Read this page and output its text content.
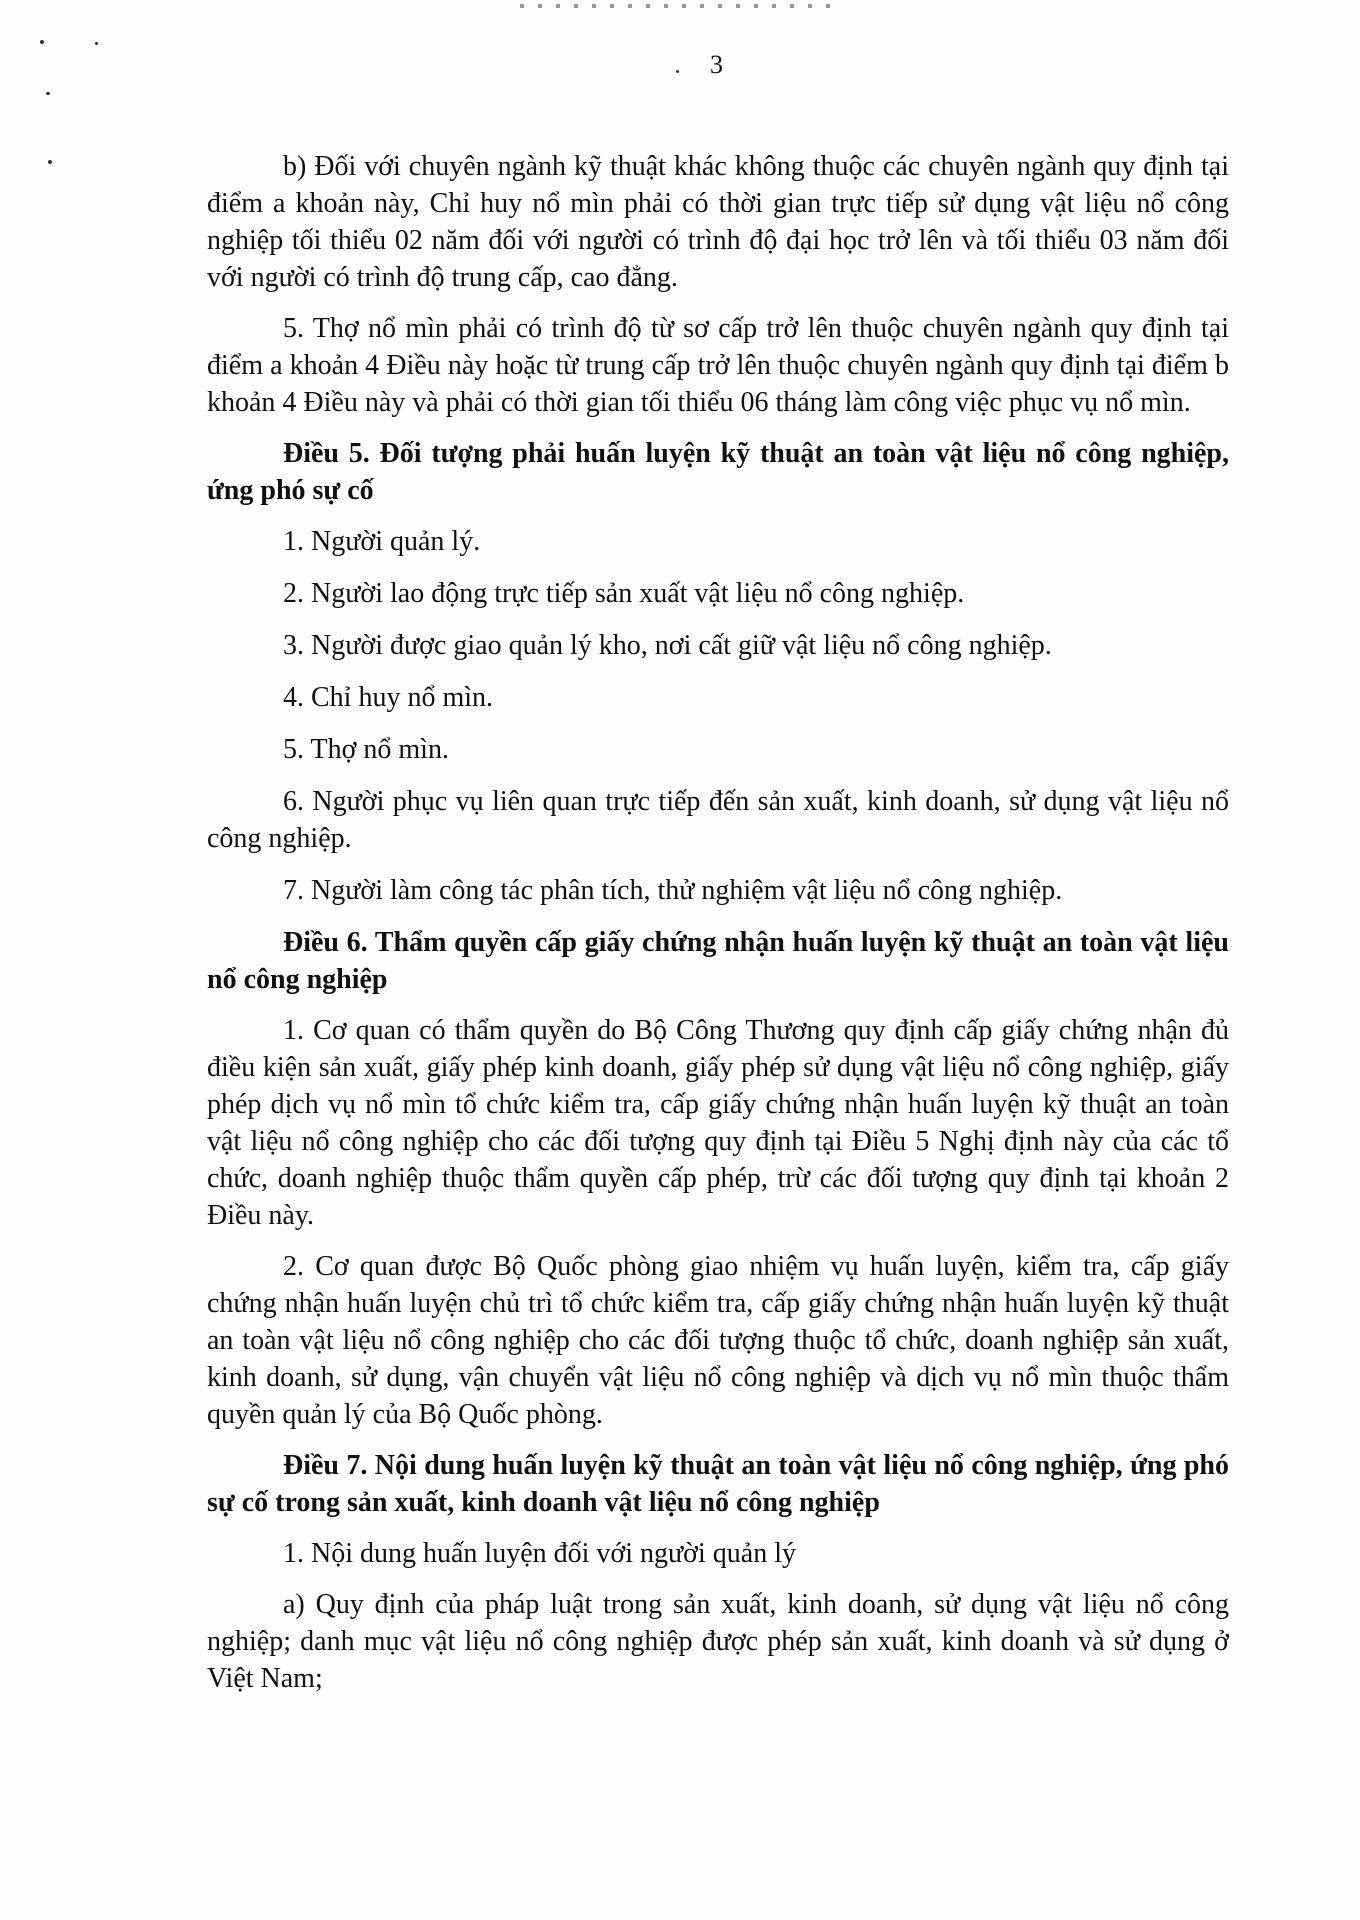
3

b) Đối với chuyên ngành kỹ thuật khác không thuộc các chuyên ngành quy định tại điểm a khoản này, Chỉ huy nổ mìn phải có thời gian trực tiếp sử dụng vật liệu nổ công nghiệp tối thiểu 02 năm đối với người có trình độ đại học trở lên và tối thiểu 03 năm đối với người có trình độ trung cấp, cao đẳng.

5. Thợ nổ mìn phải có trình độ từ sơ cấp trở lên thuộc chuyên ngành quy định tại điểm a khoản 4 Điều này hoặc từ trung cấp trở lên thuộc chuyên ngành quy định tại điểm b khoản 4 Điều này và phải có thời gian tối thiểu 06 tháng làm công việc phục vụ nổ mìn.

Điều 5. Đối tượng phải huấn luyện kỹ thuật an toàn vật liệu nổ công nghiệp, ứng phó sự cố

1. Người quản lý.

2. Người lao động trực tiếp sản xuất vật liệu nổ công nghiệp.

3. Người được giao quản lý kho, nơi cất giữ vật liệu nổ công nghiệp.

4. Chỉ huy nổ mìn.

5. Thợ nổ mìn.

6. Người phục vụ liên quan trực tiếp đến sản xuất, kinh doanh, sử dụng vật liệu nổ công nghiệp.

7. Người làm công tác phân tích, thử nghiệm vật liệu nổ công nghiệp.

Điều 6. Thẩm quyền cấp giấy chứng nhận huấn luyện kỹ thuật an toàn vật liệu nổ công nghiệp

1. Cơ quan có thẩm quyền do Bộ Công Thương quy định cấp giấy chứng nhận đủ điều kiện sản xuất, giấy phép kinh doanh, giấy phép sử dụng vật liệu nổ công nghiệp, giấy phép dịch vụ nổ mìn tổ chức kiểm tra, cấp giấy chứng nhận huấn luyện kỹ thuật an toàn vật liệu nổ công nghiệp cho các đối tượng quy định tại Điều 5 Nghị định này của các tổ chức, doanh nghiệp thuộc thẩm quyền cấp phép, trừ các đối tượng quy định tại khoản 2 Điều này.

2. Cơ quan được Bộ Quốc phòng giao nhiệm vụ huấn luyện, kiểm tra, cấp giấy chứng nhận huấn luyện chủ trì tổ chức kiểm tra, cấp giấy chứng nhận huấn luyện kỹ thuật an toàn vật liệu nổ công nghiệp cho các đối tượng thuộc tổ chức, doanh nghiệp sản xuất, kinh doanh, sử dụng, vận chuyển vật liệu nổ công nghiệp và dịch vụ nổ mìn thuộc thẩm quyền quản lý của Bộ Quốc phòng.

Điều 7. Nội dung huấn luyện kỹ thuật an toàn vật liệu nổ công nghiệp, ứng phó sự cố trong sản xuất, kinh doanh vật liệu nổ công nghiệp

1. Nội dung huấn luyện đối với người quản lý

a) Quy định của pháp luật trong sản xuất, kinh doanh, sử dụng vật liệu nổ công nghiệp; danh mục vật liệu nổ công nghiệp được phép sản xuất, kinh doanh và sử dụng ở Việt Nam;
